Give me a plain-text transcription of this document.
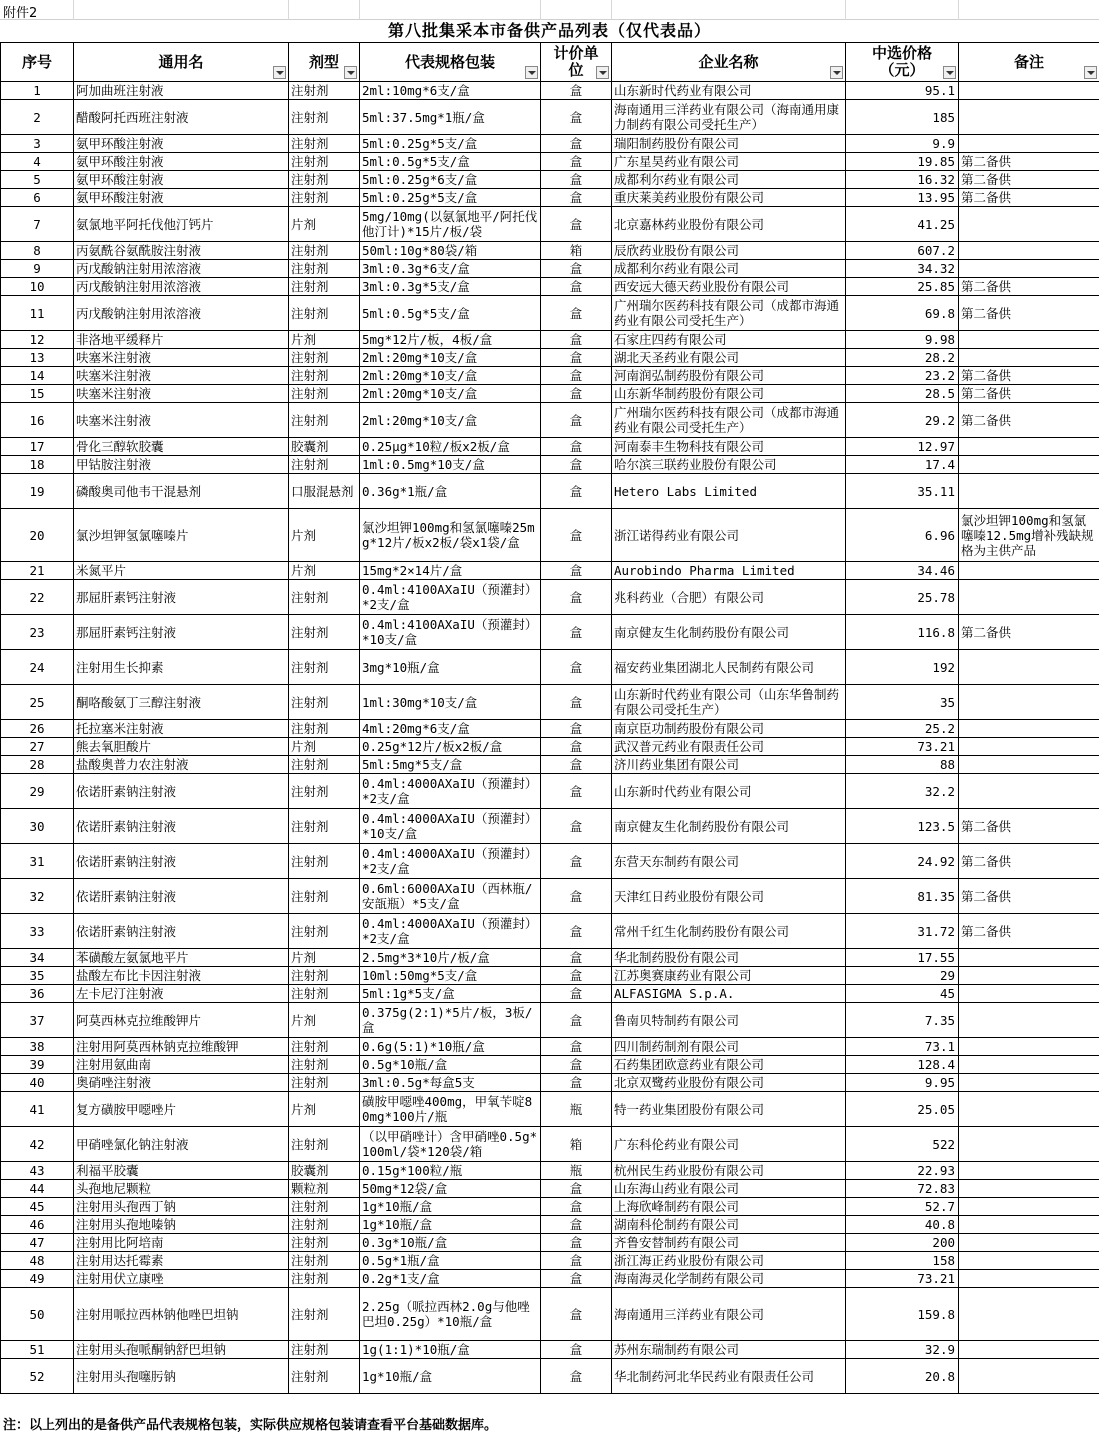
附件2
第八批集采本市备供产品列表（仅代表品）
序号	通用名	剂型	代表规格包装	计价单位	企业名称	中选价格（元）	备注

1	阿加曲班注射液	注射剂	2ml:10mg*6支/盒	盒	山东新时代药业有限公司	95.1	
2	醋酸阿托西班注射液	注射剂	5ml:37.5mg*1瓶/盒	盒	海南通用三洋药业有限公司（海南通用康力制药有限公司受托生产）	185	
3	氨甲环酸注射液	注射剂	5ml:0.25g*5支/盒	盒	瑞阳制药股份有限公司	9.9	
4	氨甲环酸注射液	注射剂	5ml:0.5g*5支/盒	盒	广东星昊药业有限公司	19.85	第二备供
5	氨甲环酸注射液	注射剂	5ml:0.25g*6支/盒	盒	成都利尔药业有限公司	16.32	第二备供
6	氨甲环酸注射液	注射剂	5ml:0.25g*5支/盒	盒	重庆莱美药业股份有限公司	13.95	第二备供
7	氨氯地平阿托伐他汀钙片	片剂	5mg/10mg(以氨氯地平/阿托伐他汀计)*15片/板/袋	盒	北京嘉林药业股份有限公司	41.25	
8	丙氨酰谷氨酰胺注射液	注射剂	50ml:10g*80袋/箱	箱	辰欣药业股份有限公司	607.2	
9	丙戊酸钠注射用浓溶液	注射剂	3ml:0.3g*6支/盒	盒	成都利尔药业有限公司	34.32	
10	丙戊酸钠注射用浓溶液	注射剂	3ml:0.3g*5支/盒	盒	西安远大德天药业股份有限公司	25.85	第二备供
11	丙戊酸钠注射用浓溶液	注射剂	5ml:0.5g*5支/盒	盒	广州瑞尔医药科技有限公司（成都市海通药业有限公司受托生产）	69.8	第二备供
12	非洛地平缓释片	片剂	5mg*12片/板，4板/盒	盒	石家庄四药有限公司	9.98	
13	呋塞米注射液	注射剂	2ml:20mg*10支/盒	盒	湖北天圣药业有限公司	28.2	
14	呋塞米注射液	注射剂	2ml:20mg*10支/盒	盒	河南润弘制药股份有限公司	23.2	第二备供
15	呋塞米注射液	注射剂	2ml:20mg*10支/盒	盒	山东新华制药股份有限公司	28.5	第二备供
16	呋塞米注射液	注射剂	2ml:20mg*10支/盒	盒	广州瑞尔医药科技有限公司（成都市海通药业有限公司受托生产）	29.2	第二备供
17	骨化三醇软胶囊	胶囊剂	0.25μg*10粒/板x2板/盒	盒	河南泰丰生物科技有限公司	12.97	
18	甲钴胺注射液	注射剂	1ml:0.5mg*10支/盒	盒	哈尔滨三联药业股份有限公司	17.4	
19	磷酸奥司他韦干混悬剂	口服混悬剂	0.36g*1瓶/盒	盒	Hetero Labs Limited	35.11	
20	氯沙坦钾氢氯噻嗪片	片剂	氯沙坦钾100mg和氢氯噻嗪25mg*12片/板x2板/袋x1袋/盒	盒	浙江诺得药业有限公司	6.96	氯沙坦钾100mg和氢氯噻嗪12.5mg增补残缺规格为主供产品
21	米氮平片	片剂	15mg*2×14片/盒	盒	Aurobindo Pharma Limited	34.46	
22	那屈肝素钙注射液	注射剂	0.4ml:4100AXaIU（预灌封）*2支/盒	盒	兆科药业（合肥）有限公司	25.78	
23	那屈肝素钙注射液	注射剂	0.4ml:4100AXaIU（预灌封）*10支/盒	盒	南京健友生化制药股份有限公司	116.8	第二备供
24	注射用生长抑素	注射剂	3mg*10瓶/盒	盒	福安药业集团湖北人民制药有限公司	192	
25	酮咯酸氨丁三醇注射液	注射剂	1ml:30mg*10支/盒	盒	山东新时代药业有限公司（山东华鲁制药有限公司受托生产）	35	
26	托拉塞米注射液	注射剂	4ml:20mg*6支/盒	盒	南京臣功制药股份有限公司	25.2	
27	熊去氧胆酸片	片剂	0.25g*12片/板x2板/盒	盒	武汉普元药业有限责任公司	73.21	
28	盐酸奥普力农注射液	注射剂	5ml:5mg*5支/盒	盒	济川药业集团有限公司	88	
29	依诺肝素钠注射液	注射剂	0.4ml:4000AXaIU（预灌封）*2支/盒	盒	山东新时代药业有限公司	32.2	
30	依诺肝素钠注射液	注射剂	0.4ml:4000AXaIU（预灌封）*10支/盒	盒	南京健友生化制药股份有限公司	123.5	第二备供
31	依诺肝素钠注射液	注射剂	0.4ml:4000AXaIU（预灌封）*2支/盒	盒	东营天东制药有限公司	24.92	第二备供
32	依诺肝素钠注射液	注射剂	0.6ml:6000AXaIU（西林瓶/安瓿瓶）*5支/盒	盒	天津红日药业股份有限公司	81.35	第二备供
33	依诺肝素钠注射液	注射剂	0.4ml:4000AXaIU（预灌封）*2支/盒	盒	常州千红生化制药股份有限公司	31.72	第二备供
34	苯磺酸左氨氯地平片	片剂	2.5mg*3*10片/板/盒	盒	华北制药股份有限公司	17.55	
35	盐酸左布比卡因注射液	注射剂	10ml:50mg*5支/盒	盒	江苏奥赛康药业有限公司	29	
36	左卡尼汀注射液	注射剂	5ml:1g*5支/盒	盒	ALFASIGMA S.p.A.	45	
37	阿莫西林克拉维酸钾片	片剂	0.375g(2:1)*5片/板，3板/盒	盒	鲁南贝特制药有限公司	7.35	
38	注射用阿莫西林钠克拉维酸钾	注射剂	0.6g(5:1)*10瓶/盒	盒	四川制药制剂有限公司	73.1	
39	注射用氨曲南	注射剂	0.5g*10瓶/盒	盒	石药集团欧意药业有限公司	128.4	
40	奥硝唑注射液	注射剂	3ml:0.5g*每盒5支	盒	北京双鹭药业股份有限公司	9.95	
41	复方磺胺甲噁唑片	片剂	磺胺甲噁唑400mg，甲氧苄啶80mg*100片/瓶	瓶	特一药业集团股份有限公司	25.05	
42	甲硝唑氯化钠注射液	注射剂	（以甲硝唑计）含甲硝唑0.5g*100ml/袋*120袋/箱	箱	广东科伦药业有限公司	522	
43	利福平胶囊	胶囊剂	0.15g*100粒/瓶	瓶	杭州民生药业股份有限公司	22.93	
44	头孢地尼颗粒	颗粒剂	50mg*12袋/盒	盒	山东海山药业有限公司	72.83	
45	注射用头孢西丁钠	注射剂	1g*10瓶/盒	盒	上海欣峰制药有限公司	52.7	
46	注射用头孢地嗪钠	注射剂	1g*10瓶/盒	盒	湖南科伦制药有限公司	40.8	
47	注射用比阿培南	注射剂	0.3g*10瓶/盒	盒	齐鲁安替制药有限公司	200	
48	注射用达托霉素	注射剂	0.5g*1瓶/盒	盒	浙江海正药业股份有限公司	158	
49	注射用伏立康唑	注射剂	0.2g*1支/盒	盒	海南海灵化学制药有限公司	73.21	
50	注射用哌拉西林钠他唑巴坦钠	注射剂	2.25g（哌拉西林2.0g与他唑巴坦0.25g）*10瓶/盒	盒	海南通用三洋药业有限公司	159.8	
51	注射用头孢哌酮钠舒巴坦钠	注射剂	1g(1:1)*10瓶/盒	盒	苏州东瑞制药有限公司	32.9	
52	注射用头孢噻肟钠	注射剂	1g*10瓶/盒	盒	华北制药河北华民药业有限责任公司	20.8	
注：以上列出的是备供产品代表规格包装，实际供应规格包装请查看平台基础数据库。
